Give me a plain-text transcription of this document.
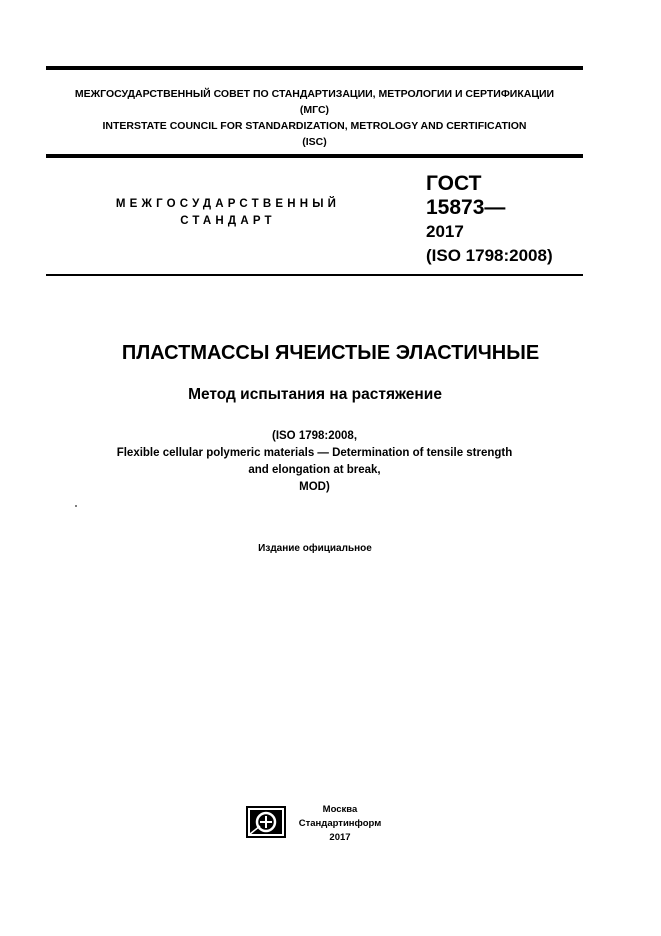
МЕЖГОСУДАРСТВЕННЫЙ СОВЕТ ПО СТАНДАРТИЗАЦИИ, МЕТРОЛОГИИ И СЕРТИФИКАЦИИ
(МГС)
INTERSTATE COUNCIL FOR STANDARDIZATION, METROLOGY AND CERTIFICATION
(ISC)
МЕЖГОСУДАРСТВЕННЫЙ
СТАНДАРТ
ГОСТ
15873—
2017
(ISO 1798:2008)
ПЛАСТМАССЫ ЯЧЕИСТЫЕ ЭЛАСТИЧНЫЕ
Метод испытания на растяжение
(ISO 1798:2008,
Flexible cellular polymeric materials — Determination of tensile strength
and elongation at break,
MOD)
Издание официальное
Москва
Стандартинформ
2017
